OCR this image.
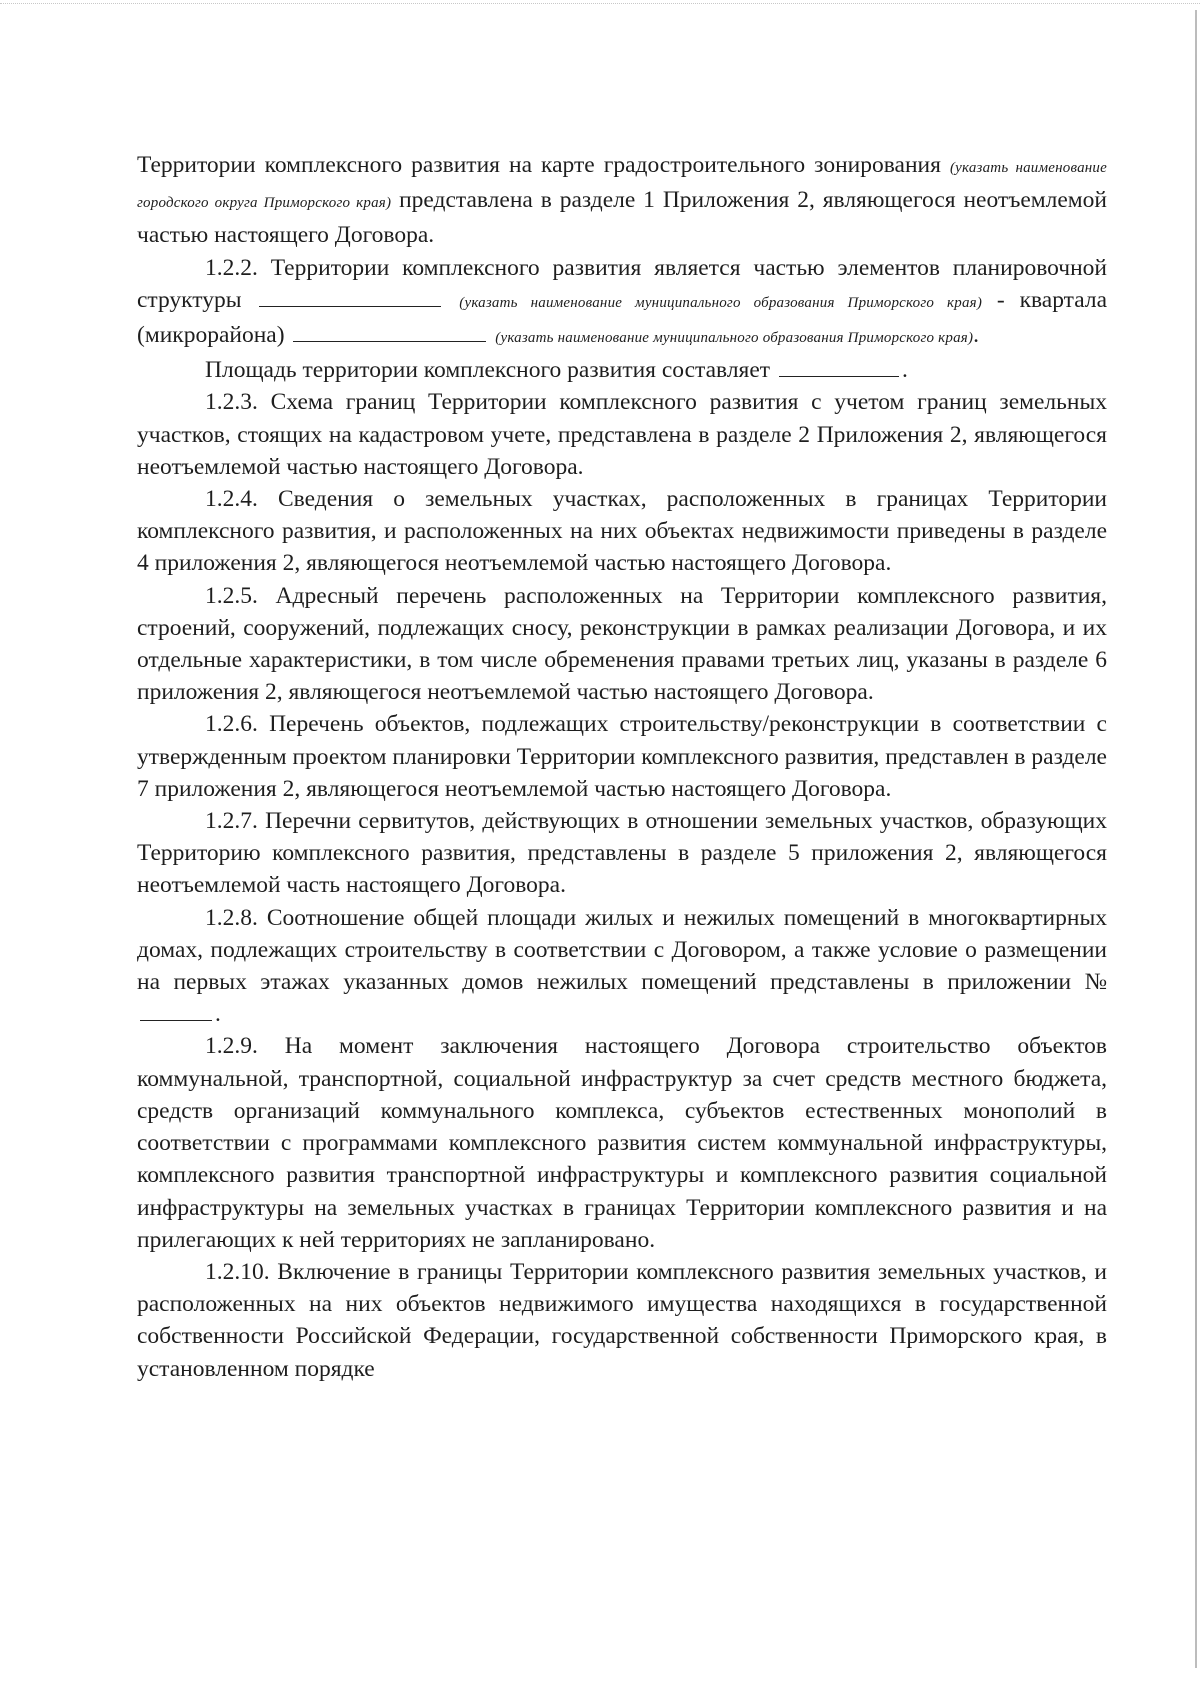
Территории комплексного развития на карте градостроительного зонирования (указать наименование городского округа Приморского края) представлена в разделе 1 Приложения 2, являющегося неотъемлемой частью настоящего Договора.

1.2.2. Территории комплексного развития является частью элементов планировочной структуры	(указать наименование муниципального образования Приморского края) - квартала (микрорайона)	(указать наименование муниципального образования Приморского края).

Площадь территории комплексного развития составляет	.

1.2.3. Схема границ Территории комплексного развития с учетом границ земельных участков, стоящих на кадастровом учете, представлена в разделе 2 Приложения 2, являющегося неотъемлемой частью настоящего Договора.

1.2.4. Сведения о земельных участках, расположенных в границах Территории комплексного развития, и расположенных на них объектах недвижимости приведены в разделе 4 приложения 2, являющегося неотъемлемой частью настоящего Договора.

1.2.5. Адресный перечень расположенных на Территории комплексного развития, строений, сооружений, подлежащих сносу, реконструкции в рамках реализации Договора, и их отдельные характеристики, в том числе обременения правами третьих лиц, указаны в разделе 6 приложения 2, являющегося неотъемлемой частью настоящего Договора.

1.2.6. Перечень объектов, подлежащих строительству/реконструкции в соответствии с утвержденным проектом планировки Территории комплексного развития, представлен в разделе 7 приложения 2, являющегося неотъемлемой частью настоящего Договора.

1.2.7. Перечни сервитутов, действующих в отношении земельных участков, образующих Территорию комплексного развития, представлены в разделе 5 приложения 2, являющегося неотъемлемой часть настоящего Договора.

1.2.8. Соотношение общей площади жилых и нежилых помещений в многоквартирных домах, подлежащих строительству в соответствии с Договором, а также условие о размещении на первых этажах указанных домов нежилых помещений представлены в приложении № .

1.2.9. На момент заключения настоящего Договора строительство объектов коммунальной, транспортной, социальной инфраструктур за счет средств местного бюджета, средств организаций коммунального комплекса, субъектов естественных монополий в соответствии с программами комплексного развития систем коммунальной инфраструктуры, комплексного развития транспортной инфраструктуры и комплексного развития социальной инфраструктуры на земельных участках в границах Территории комплексного развития и на прилегающих к ней территориях не запланировано.

1.2.10. Включение в границы Территории комплексного развития земельных участков, и расположенных на них объектов недвижимого имущества находящихся в государственной собственности Российской Федерации, государственной собственности Приморского края, в установленном порядке
